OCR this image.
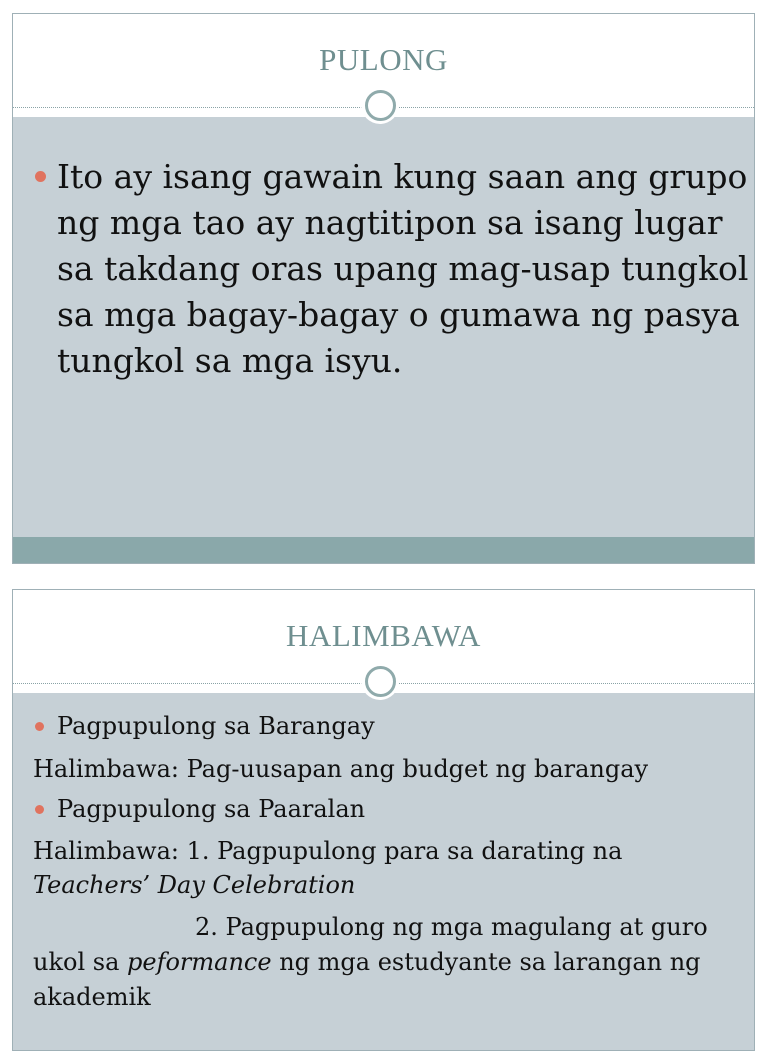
PULONG
Ito ay isang gawain kung saan ang grupo ng mga tao ay nagtitipon sa isang lugar sa takdang oras upang mag-usap tungkol sa mga bagay-bagay o gumawa ng pasya tungkol sa mga isyu.
HALIMBAWA
Pagpupulong sa Barangay
Halimbawa: Pag-uusapan ang budget ng barangay
Pagpupulong sa Paaralan
Halimbawa: 1. Pagpupulong para sa darating na
Teachers’ Day Celebration
2. Pagpupulong ng mga magulang at guro
ukol sa peformance ng mga estudyante sa larangan ng
akademik
